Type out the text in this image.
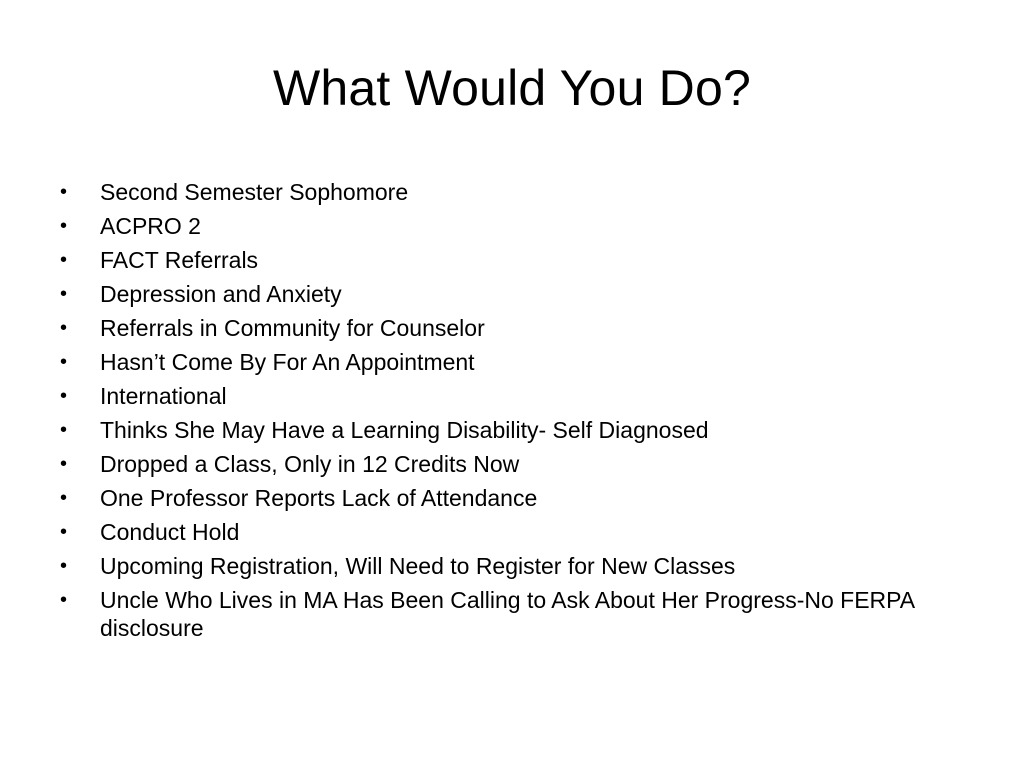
What Would You Do?
• Second Semester Sophomore
• ACPRO 2
• FACT Referrals
• Depression and Anxiety
• Referrals in Community for Counselor
• Hasn’t Come By For An Appointment
• International
• Thinks She May Have a Learning Disability- Self Diagnosed
• Dropped a Class, Only in 12 Credits Now
• One Professor Reports Lack of Attendance
• Conduct Hold
• Upcoming Registration, Will Need to Register for New Classes
• Uncle Who Lives in MA Has Been Calling to Ask About Her Progress-No FERPA disclosure
